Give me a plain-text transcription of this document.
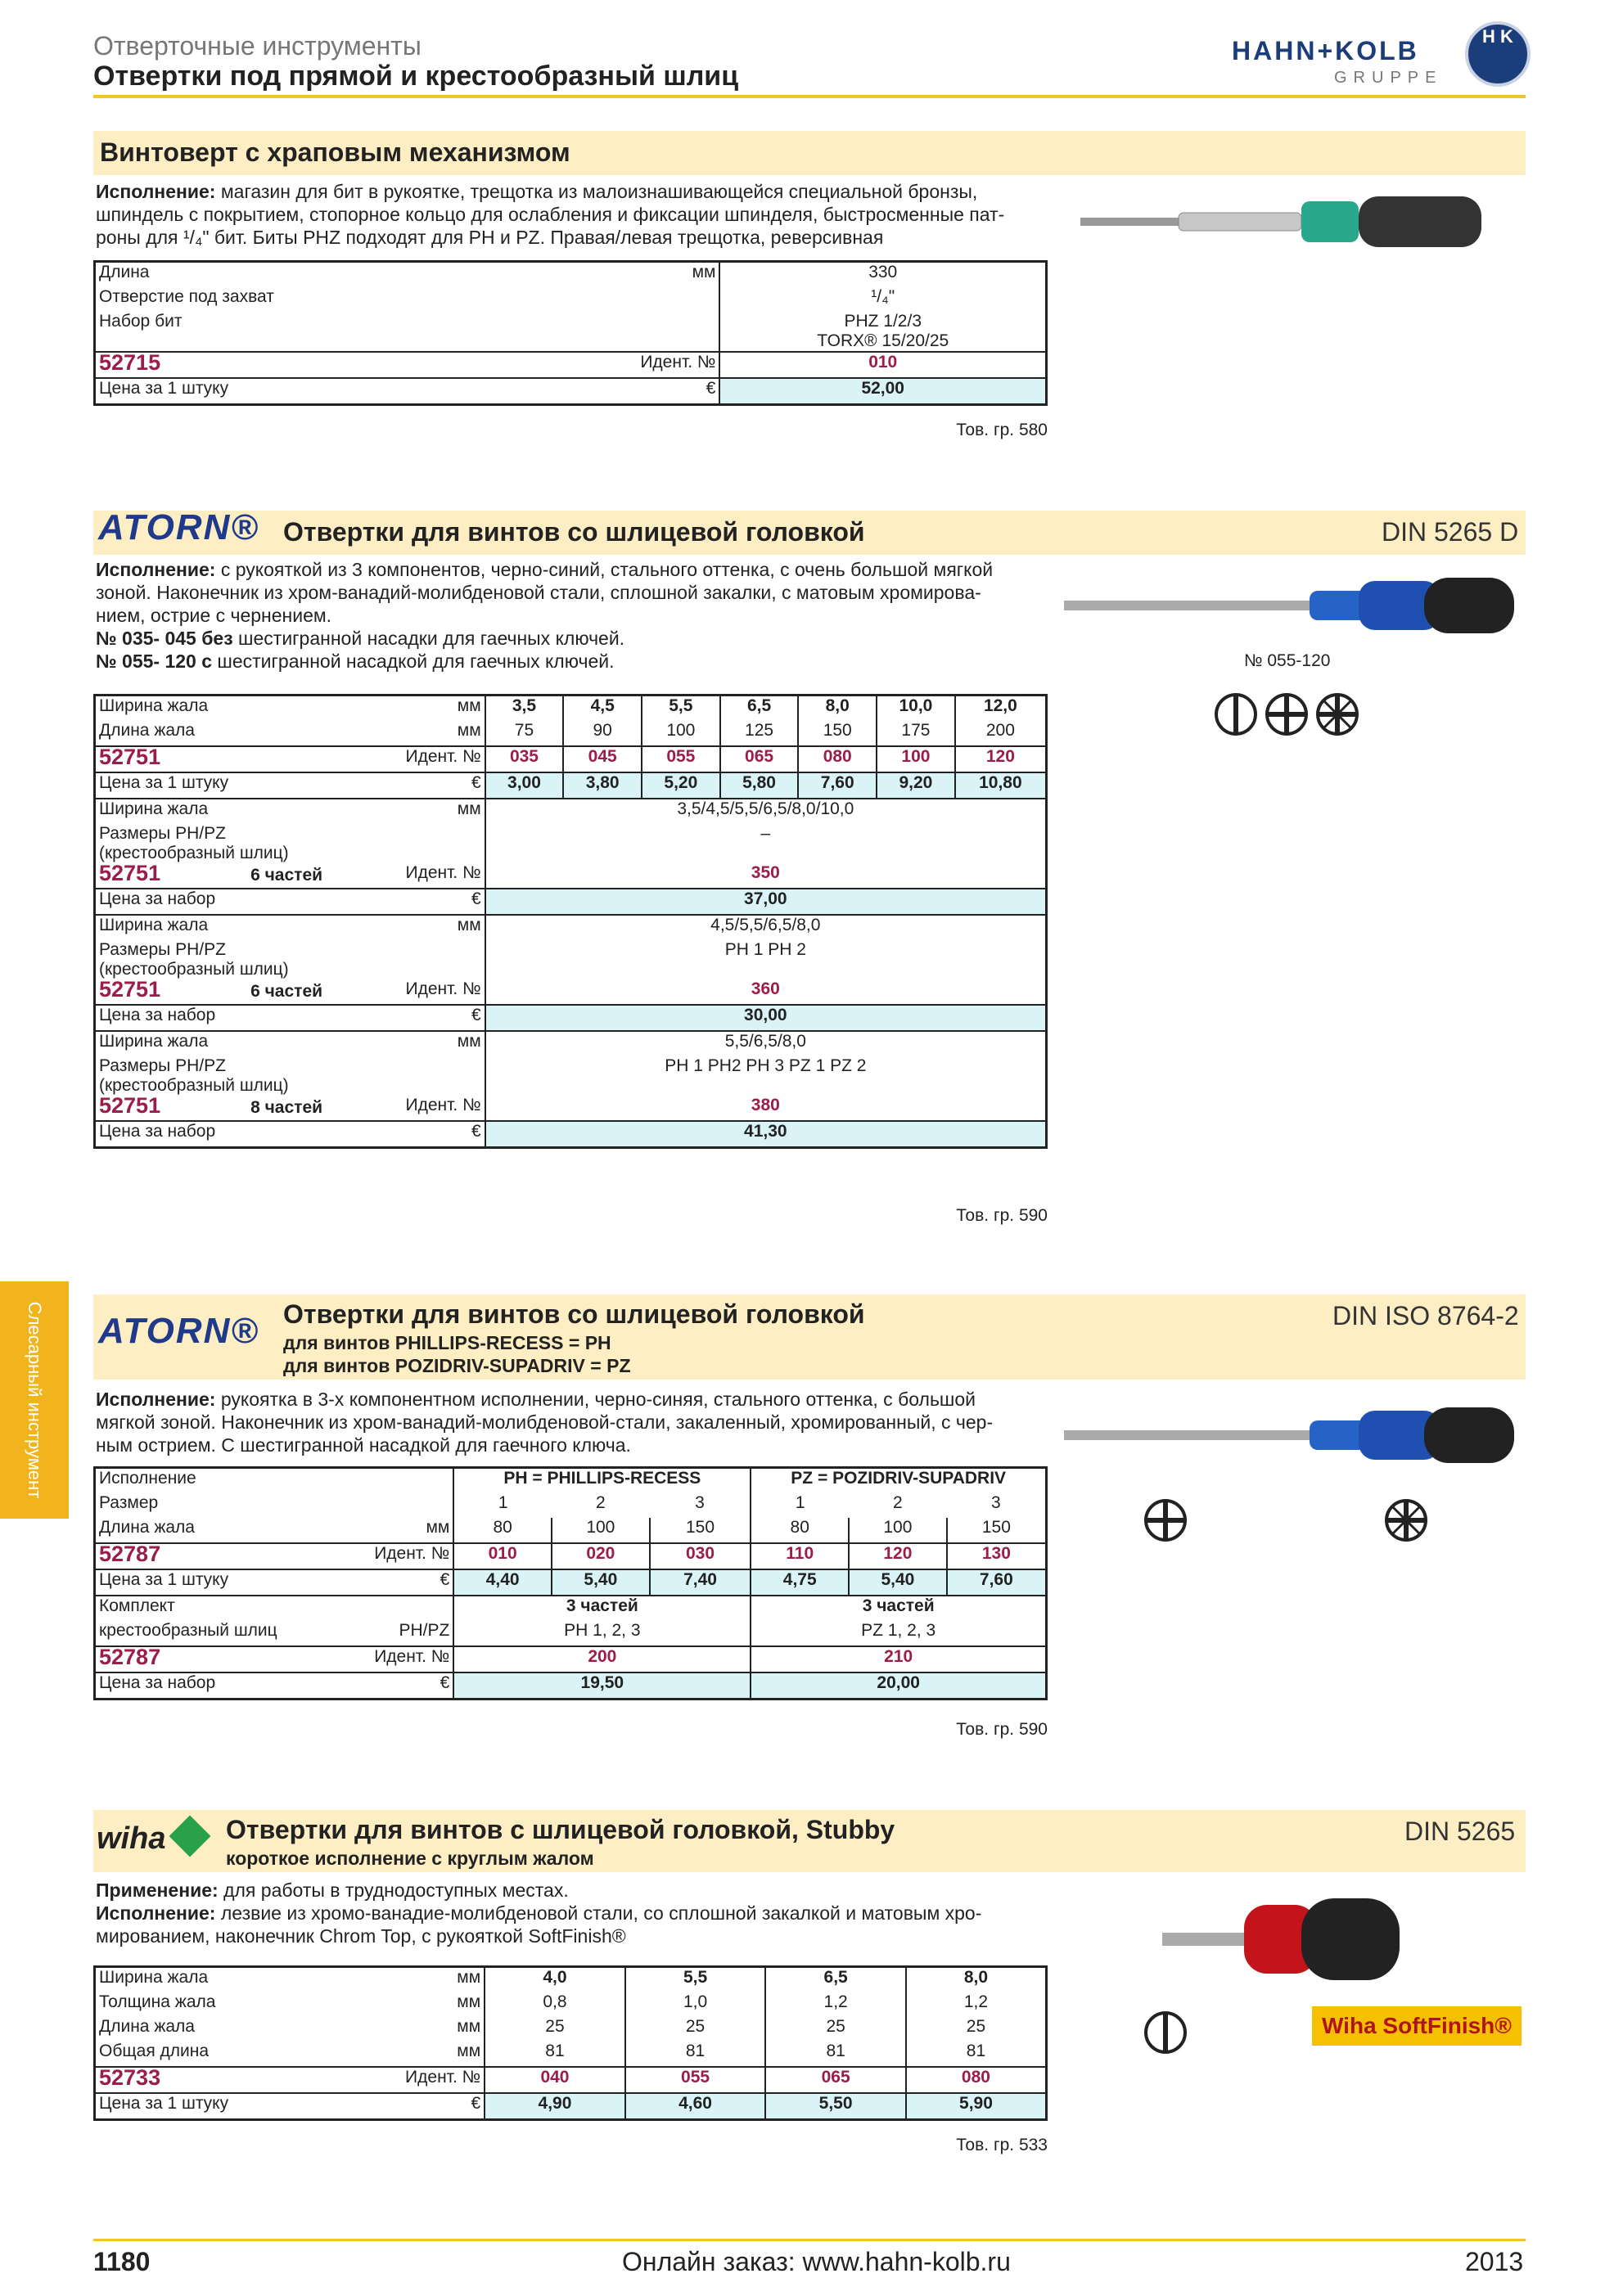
Отверточные инструменты
Отвертки под прямой и крестообразный шлиц
HAHN+KOLB
GRUPPE
H K
Винтоверт с храповым механизмом
Исполнение: магазин для бит в рукоятке, трещотка из малоизнашивающейся специальной бронзы,
шпиндель с покрытием, стопорное кольцо для ослабления и фиксации шпинделя, быстросменные пат-
роны для ¹/₄" бит. Биты PHZ подходят для PH и PZ. Правая/левая трещотка, реверсивная
Длина мм	330
Отверстие под захват	¹/₄"
Набор бит	PHZ 1/2/3
TORX® 15/20/25
52715 Идент. №	010
Цена за 1 штуку €	52,00
Тов. гр. 580
ATORN® Отвертки для винтов со шлицевой головкой	DIN 5265 D
Исполнение: с рукояткой из 3 компонентов, черно-синий, стального оттенка, с очень большой мягкой
зоной. Наконечник из хром-ванадий-молибденовой стали, сплошной закалки, с матовым хромирова-
нием, острие с чернением.
№ 035- 045 без шестигранной насадки для гаечных ключей.
№ 055- 120 с шестигранной насадкой для гаечных ключей.	№ 055-120
Ширина жала мм	3,5	4,5	5,5	6,5	8,0	10,0	12,0
Длина жала мм	75	90	100	125	150	175	200
52751 Идент. №	035	045	055	065	080	100	120
Цена за 1 штуку €	3,00	3,80	5,20	5,80	7,60	9,20	10,80
Ширина жала мм	3,5/4,5/5,5/6,5/8,0/10,0						
Размеры PH/PZ (крестообразный шлиц)	–						
52751 6 частей Идент. №	350						
Цена за набор €	37,00						
Ширина жала мм	4,5/5,5/6,5/8,0						
Размеры PH/PZ (крестообразный шлиц)	PH 1 PH 2						
52751 6 частей Идент. №	360						
Цена за набор €	30,00						
Ширина жала мм	5,5/6,5/8,0						
Размеры PH/PZ (крестообразный шлиц)	PH 1 PH2 PH 3 PZ 1 PZ 2						
52751 8 частей Идент. №	380						
Цена за набор €	41,30						
Тов. гр. 590
Слесарный инструмент ATORN® Отвертки для винтов со шлицевой головкой
для винтов PHILLIPS-RECESS = PH
для винтов POZIDRIV-SUPADRIV = PZ
DIN ISO 8764-2
Исполнение: рукоятка в 3-х компонентном исполнении, черно-синяя, стального оттенка, с большой
мягкой зоной. Наконечник из хром-ванадий-молибденовой-стали, закаленный, хромированный, с чер-
ным острием. С шестигранной насадкой для гаечного ключа.
Исполнение	PH = PHILLIPS-RECESS			PZ = POZIDRIV-SUPADRIV		
Размер	1	2	3	1	2	3
Длина жала мм	80	100	150	80	100	150
52787 Идент. №	010	020	030	110	120	130
Цена за 1 штуку €	4,40	5,40	7,40	4,75	5,40	7,60
Комплект	3 частей			3 частей		
крестообразный шлиц PH/PZ	PH 1, 2, 3			PZ 1, 2, 3		
52787 Идент. №	200			210		
Цена за набор €	19,50			20,00		
Тов. гр. 590
wiha Отвертки для винтов с шлицевой головкой, Stubby
короткое исполнение с круглым жалом
DIN 5265
Применение: для работы в труднодоступных местах.
Исполнение: лезвие из хромо-ванадие-молибденовой стали, со сплошной закалкой и матовым хро-
мированием, наконечник Chrom Top, с рукояткой SoftFinish®
Wiha SoftFinish®
Ширина жала мм	4,0	5,5	6,5	8,0
Толщина жала мм	0,8	1,0	1,2	1,2
Длина жала мм	25	25	25	25
Общая длина мм	81	81	81	81
52733 Идент. №	040	055	065	080
Цена за 1 штуку €	4,90	4,60	5,50	5,90
Тов. гр. 533
1180	Онлайн заказ: www.hahn-kolb.ru	2013
